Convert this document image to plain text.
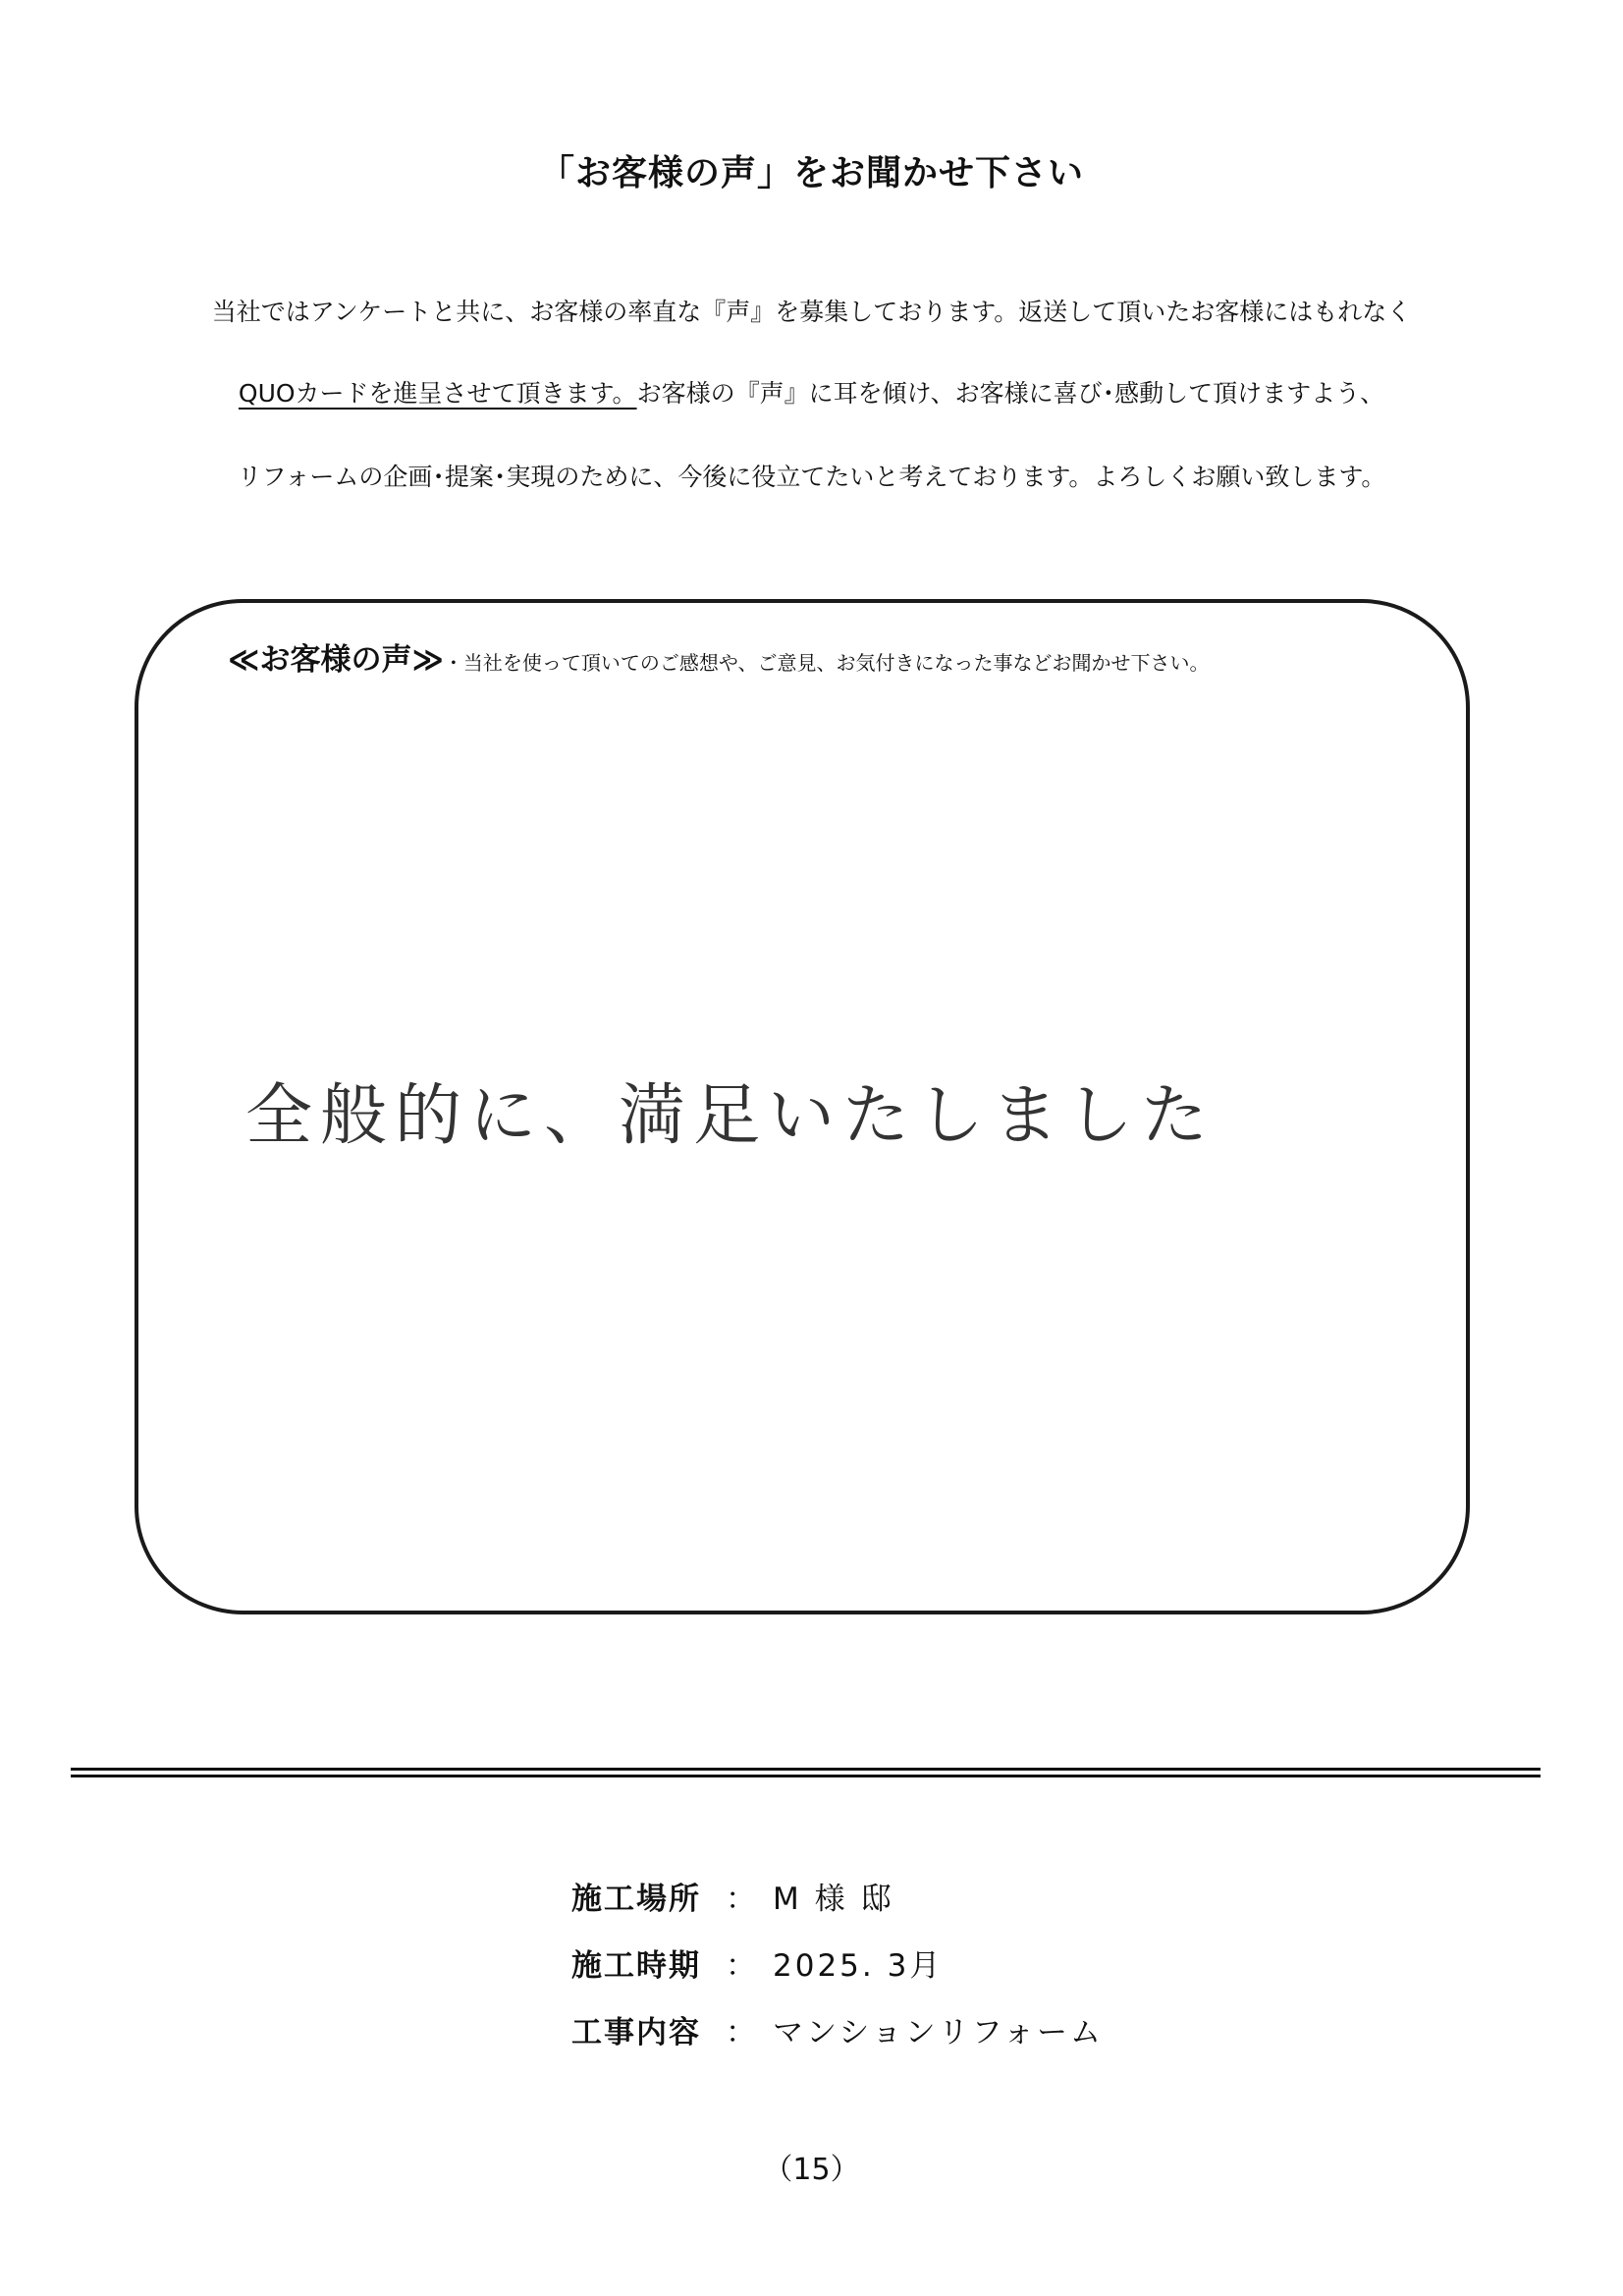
「お客様の声」をお聞かせ下さい
当社ではアンケートと共に、お客様の率直な『声』を募集しております。返送して頂いたお客様にはもれなく
QUOカードを進呈させて頂きます。お客様の『声』に耳を傾け、お客様に喜び･感動して頂けますよう、
リフォームの企画･提案･実現のために、今後に役立てたいと考えております。よろしくお願い致します。
≪お客様の声≫・当社を使って頂いてのご感想や、ご意見、お気付きになった事などお聞かせ下さい。
全般的に、満足いたしました
施工場所 ： M 様 邸
施工時期 ： 2025. 3月
工事内容 ： マンションリフォーム
（15）
